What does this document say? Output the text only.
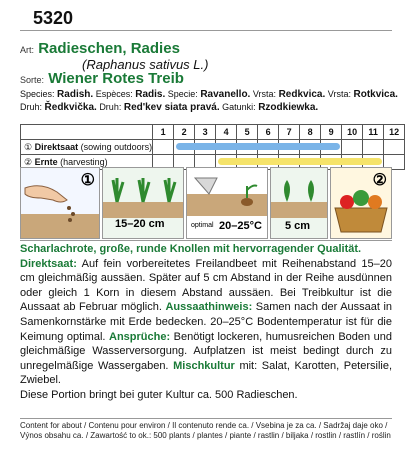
5320
Art: Radieschen, Radies
(Raphanus sativus L.)
Sorte: Wiener Rotes Treib
Species: Radish. Espèces: Radis. Specie: Ravanello. Vrsta: Redkvica. Vrsta: Rotkvica. Druh: Ředkvička. Druh: Red'kev siata pravá. Gatunki: Rzodkiewka.
	1	2	3	4	5	6	7	8	9	10	11	12
① Direktsaat (sowing outdoors)		

② Ernte (harvesting)				

①
15–20 cm	optimal 20–25°C 5 cm
②
Scharlachrote, große, runde Knollen mit hervorragender Qualität.
Direktsaat: Auf fein vorbereitetes Freilandbeet mit Reihenabstand 15–20 cm gleichmäßig aussäen. Später auf 5 cm Abstand in der Reihe ausdünnen oder gleich 1 Korn in diesem Abstand aussäen. Bei Treibkultur ist die Aussaat ab Februar möglich. Aussaathinweis: Samen nach der Aussaat in Samenkornstärke mit Erde bedecken. 20–25°C Bodentemperatur ist für die Keimung optimal. Ansprüche: Benötigt lockeren, humusreichen Boden und gleichmäßige Wasserversorgung. Aufplatzen ist meist bedingt durch zu unregelmäßige Wassergaben. Mischkultur mit: Salat, Karotten, Petersilie, Zwiebel.
Diese Portion bringt bei guter Kultur ca. 500 Radieschen.
Content for about / Contenu pour environ / Il contenuto rende ca. / Vsebina je za ca. / Sadržaj daje oko /
Výnos obsahu ca. / Zawartość to ok.: 500 plants / plantes / piante / rastlin / biljaka / rostlin / rastlín / roślin
